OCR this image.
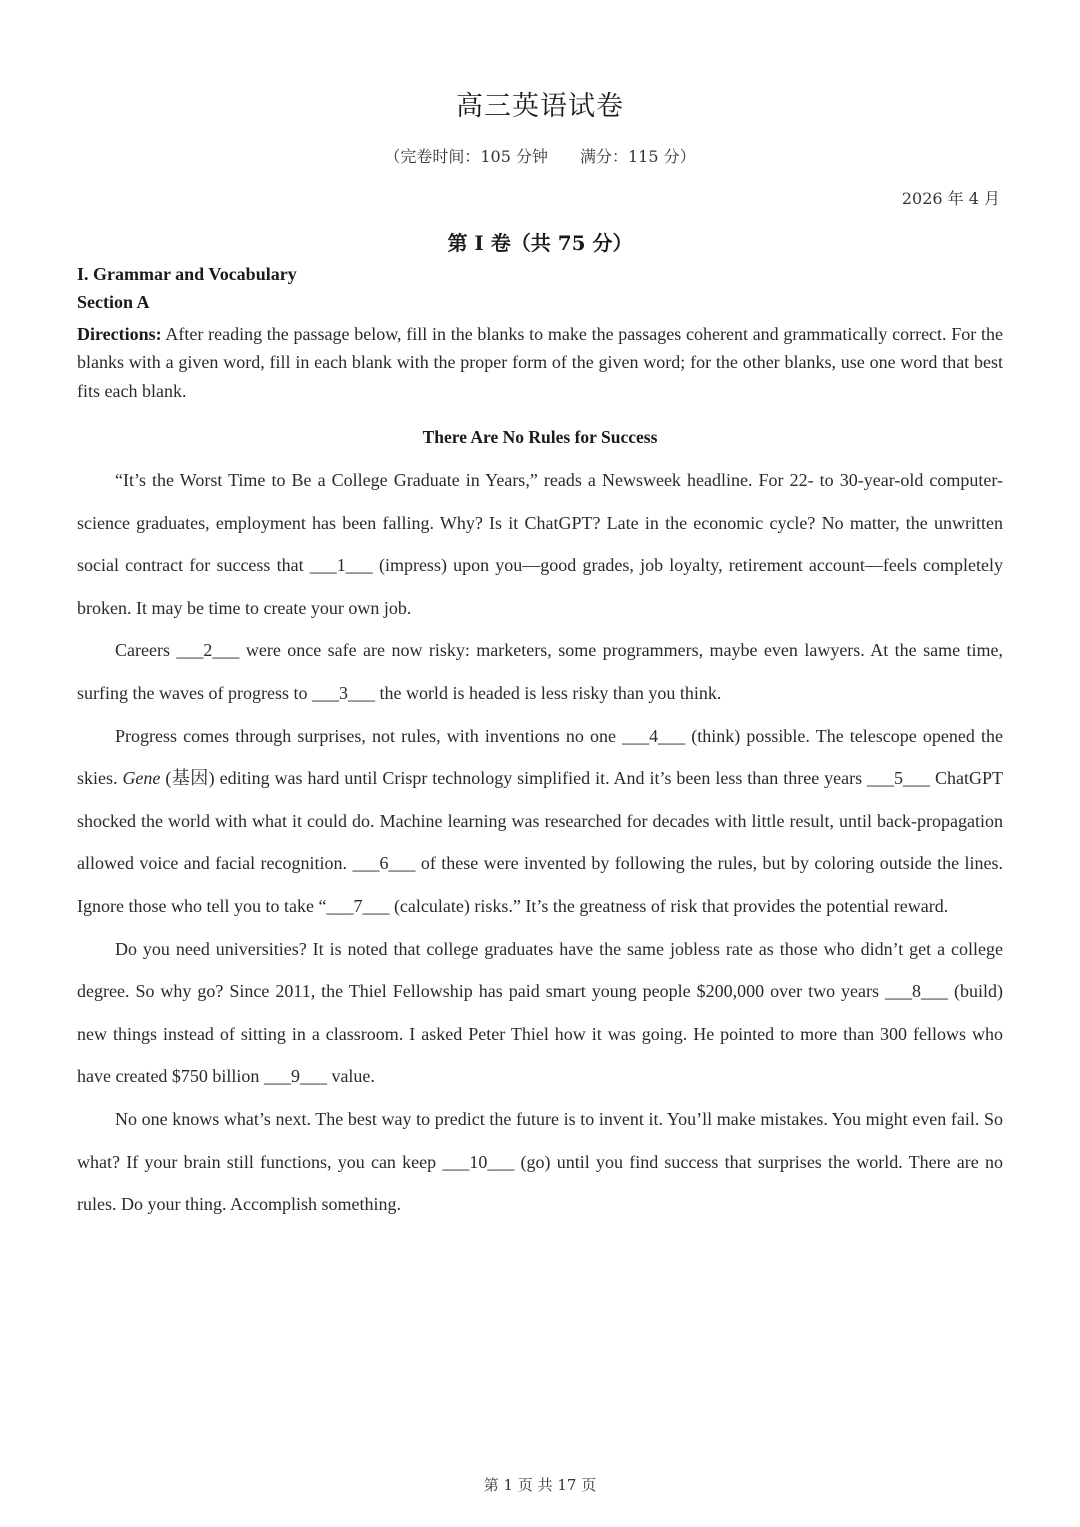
高三英语试卷
（完卷时间：105 分钟　　满分：115 分）
2026 年 4 月
第 I 卷（共 75 分）
I. Grammar and Vocabulary
Section A
Directions: After reading the passage below, fill in the blanks to make the passages coherent and grammatically correct. For the blanks with a given word, fill in each blank with the proper form of the given word; for the other blanks, use one word that best fits each blank.
There Are No Rules for Success

“It’s the Worst Time to Be a College Graduate in Years,” reads a Newsweek headline. For 22- to 30-year-old computer-science graduates, employment has been falling. Why? Is it ChatGPT? Late in the economic cycle? No matter, the unwritten social contract for success that ___1___ (impress) upon you—good grades, job loyalty, retirement account—feels completely broken. It may be time to create your own job.

Careers ___2___ were once safe are now risky: marketers, some programmers, maybe even lawyers. At the same time, surfing the waves of progress to ___3___ the world is headed is less risky than you think.

Progress comes through surprises, not rules, with inventions no one ___4___ (think) possible. The telescope opened the skies. Gene (基因) editing was hard until Crispr technology simplified it. And it’s been less than three years ___5___ ChatGPT shocked the world with what it could do. Machine learning was researched for decades with little result, until back-propagation allowed voice and facial recognition. ___6___ of these were invented by following the rules, but by coloring outside the lines. Ignore those who tell you to take “___7___ (calculate) risks.” It’s the greatness of risk that provides the potential reward.

Do you need universities? It is noted that college graduates have the same jobless rate as those who didn’t get a college degree. So why go? Since 2011, the Thiel Fellowship has paid smart young people $200,000 over two years ___8___ (build) new things instead of sitting in a classroom. I asked Peter Thiel how it was going. He pointed to more than 300 fellows who have created $750 billion ___9___ value.

No one knows what’s next. The best way to predict the future is to invent it. You’ll make mistakes. You might even fail. So what? If your brain still functions, you can keep ___10___ (go) until you find success that surprises the world. There are no rules. Do your thing. Accomplish something.

第 1 页 共 17 页
